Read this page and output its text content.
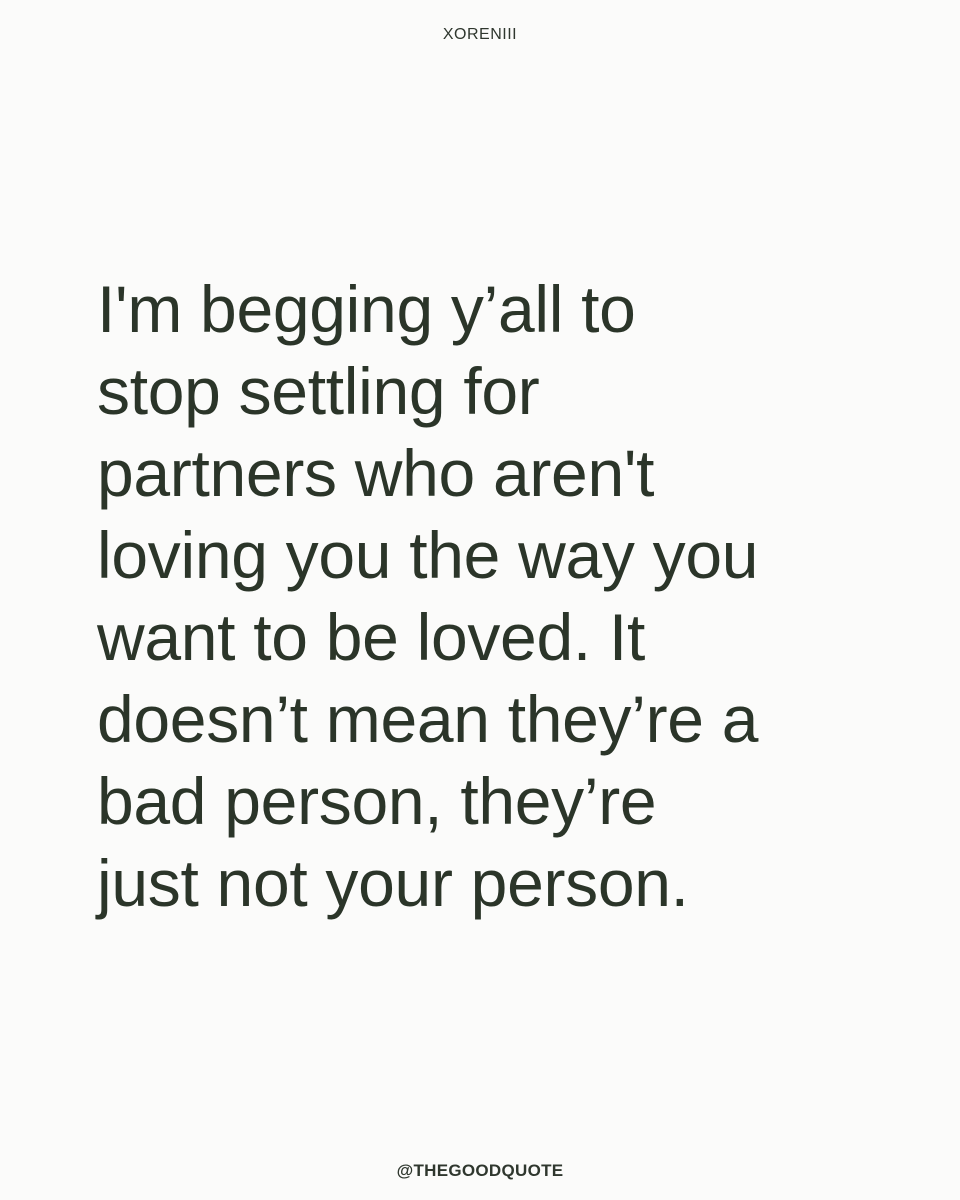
XORENIII
I'm begging y’all to
stop settling for
partners who aren't
loving you the way you
want to be loved. It
doesn’t mean they’re a
bad person, they’re
just not your person.
@THEGOODQUOTE
